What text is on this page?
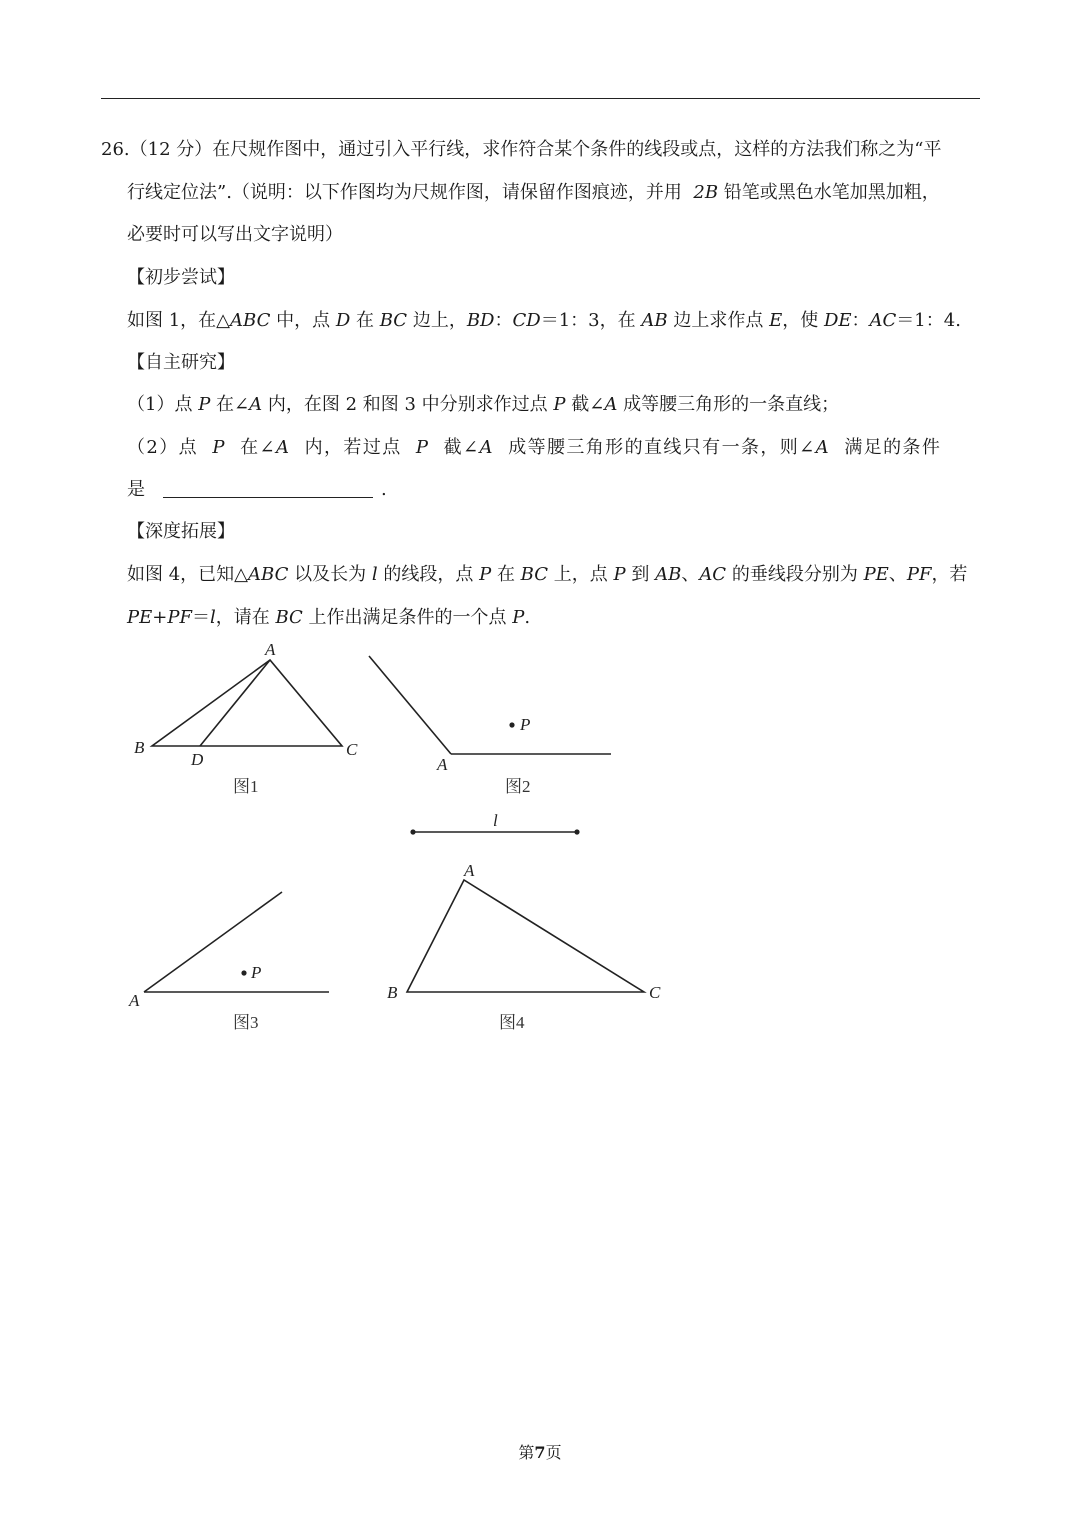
26.（12 分）在尺规作图中，通过引入平行线，求作符合某个条件的线段或点，这样的方法我们称之为“平
行线定位法”.（说明：以下作图均为尺规作图，请保留作图痕迹，并用 2B 铅笔或黑色水笔加黑加粗，
必要时可以写出文字说明）
【初步尝试】
如图 1，在△ABC 中，点 D 在 BC 边上，BD：CD＝1：3，在 AB 边上求作点 E，使 DE：AC＝1：4.
【自主研究】
（1）点 P 在∠A 内，在图 2 和图 3 中分别求作过点 P 截∠A 成等腰三角形的一条直线；
（2）点 P 在∠A 内，若过点 P 截∠A 成等腰三角形的直线只有一条，则∠A 满足的条件
是	.
【深度拓展】
如图 4，已知△ABC 以及长为 l 的线段，点 P 在 BC 上，点 P 到 AB、AC 的垂线段分别为 PE、PF，若
PE+PF＝l，请在 BC 上作出满足条件的一个点 P.
A
B	C
D
图1
P
A
图2
l
P
A
图3
A
B	C
图4
第7页
